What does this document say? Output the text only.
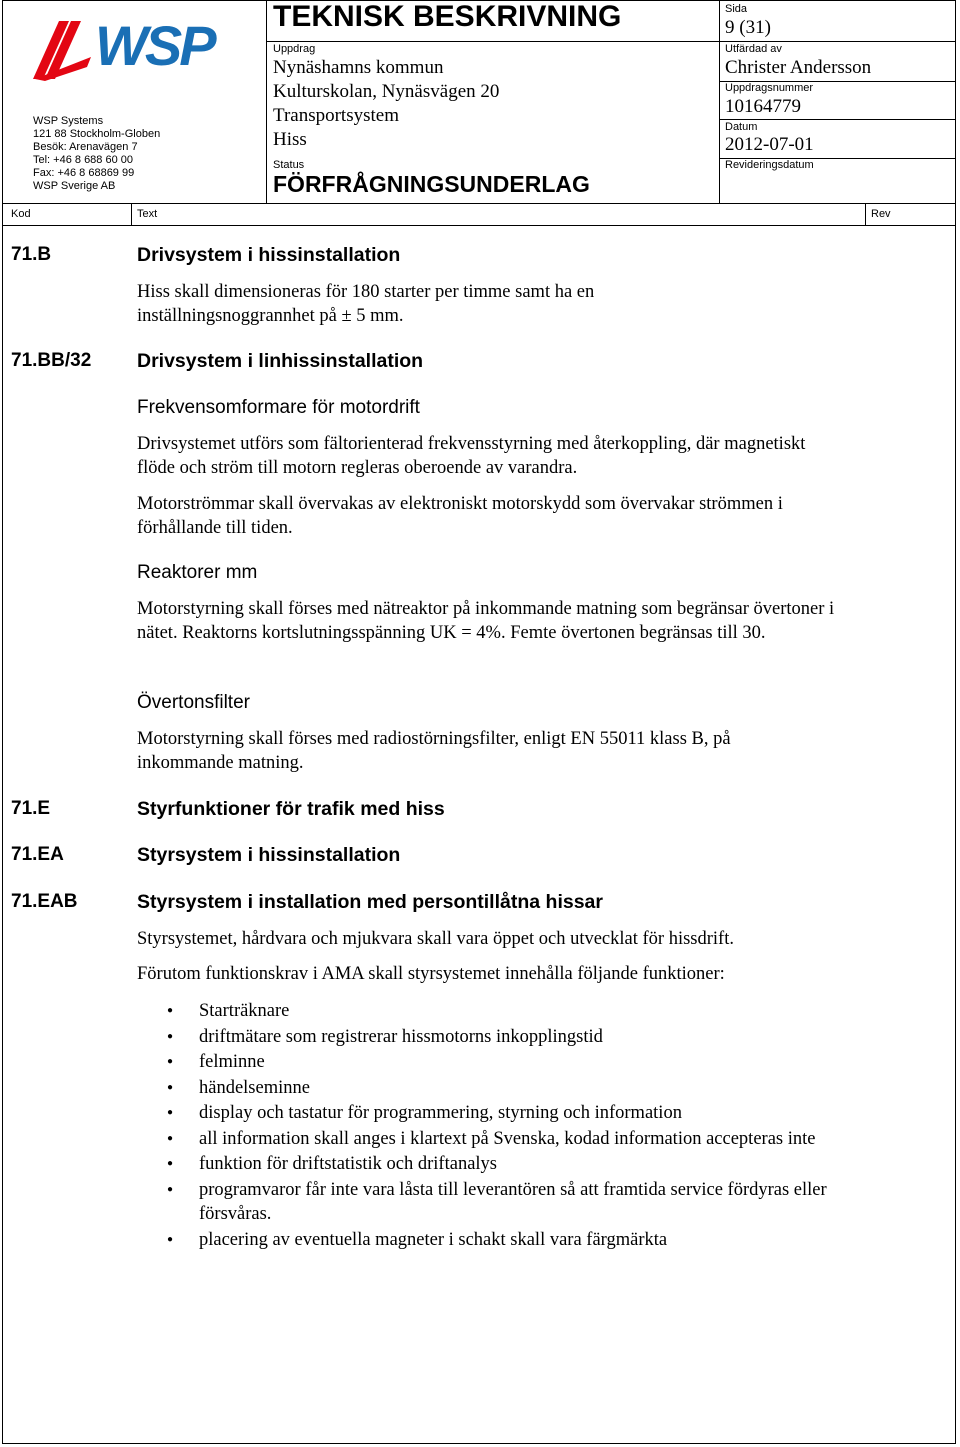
WSP
WSP Systems
121 88 Stockholm-Globen
Besök: Arenavägen 7
Tel: +46 8 688 60 00
Fax: +46 8 68869 99
WSP Sverige AB
TEKNISK BESKRIVNING
Uppdrag
Nynäshamns kommun
Kulturskolan, Nynäsvägen 20
Transportsystem
Hiss
Status
FÖRFRÅGNINGSUNDERLAG
Sida
9 (31)
Utfärdad av
Christer Andersson
Uppdragsnummer
10164779
Datum
2012-07-01
Revideringsdatum
Kod	Text	Rev
71.B	Drivsystem i hissinstallation
Hiss skall dimensioneras för 180 starter per timme samt ha en inställningsnoggrannhet på ± 5 mm.
71.BB/32 Drivsystem i linhissinstallation
Frekvensomformare för motordrift
Drivsystemet utförs som fältorienterad frekvensstyrning med återkoppling, där magnetiskt flöde och ström till motorn regleras oberoende av varandra.
Motorströmmar skall övervakas av elektroniskt motorskydd som övervakar strömmen i förhållande till tiden.
Reaktorer mm
Motorstyrning skall förses med nätreaktor på inkommande matning som begränsar övertoner i nätet. Reaktorns kortslutningsspänning UK = 4%. Femte övertonen begränsas till 30.
Övertonsfilter
Motorstyrning skall förses med radiostörningsfilter, enligt EN 55011 klass B, på inkommande matning.
71.E	Styrfunktioner för trafik med hiss
71.EA	Styrsystem i hissinstallation
71.EAB	Styrsystem i installation med persontillåtna hissar
Styrsystemet, hårdvara och mjukvara skall vara öppet och utvecklat för hissdrift.
Förutom funktionskrav i AMA skall styrsystemet innehålla följande funktioner:
● Starträknare
● driftmätare som registrerar hissmotorns inkopplingstid
● felminne
● händelseminne
● display och tastatur för programmering, styrning och information
● all information skall anges i klartext på Svenska, kodad information accepteras inte
● funktion för driftstatistik och driftanalys
● programvaror får inte vara låsta till leverantören så att framtida service fördyras eller försvåras.
● placering av eventuella magneter i schakt skall vara färgmärkta
